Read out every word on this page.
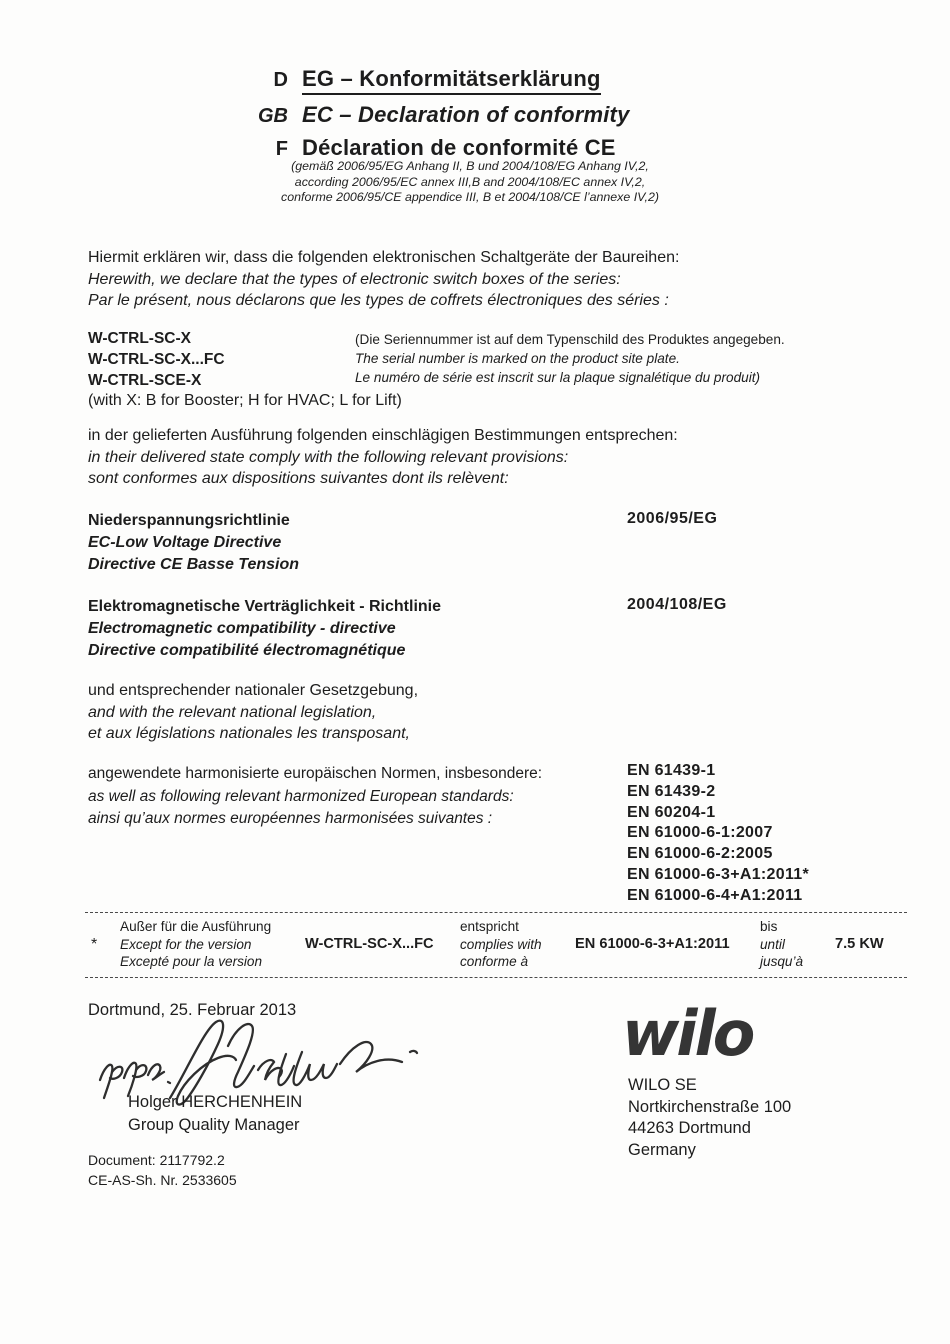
D EG – Konformitätserklärung
GB EC – Declaration of conformity
F Déclaration de conformité CE
(gemäß 2006/95/EG Anhang II, B und 2004/108/EG Anhang IV,2,
according 2006/95/EC annex III,B and 2004/108/EC annex IV,2,
conforme 2006/95/CE appendice III, B et 2004/108/CE l’annexe IV,2)
Hiermit erklären wir, dass die folgenden elektronischen Schaltgeräte der Baureihen:
Herewith, we declare that the types of electronic switch boxes of the series:
Par le présent, nous déclarons que les types de coffrets électroniques des séries :
W-CTRL-SC-X
W-CTRL-SC-X...FC
W-CTRL-SCE-X
(Die Seriennummer ist auf dem Typenschild des Produktes angegeben.
The serial number is marked on the product site plate.
Le numéro de série est inscrit sur la plaque signalétique du produit)
(with X: B for Booster; H for HVAC; L for Lift)
in der gelieferten Ausführung folgenden einschlägigen Bestimmungen entsprechen:
in their delivered state comply with the following relevant provisions:
sont conformes aux dispositions suivantes dont ils relèvent:
Niederspannungsrichtlinie
EC-Low Voltage Directive
Directive CE Basse Tension
2006/95/EG
Elektromagnetische Verträglichkeit - Richtlinie
Electromagnetic compatibility - directive
Directive compatibilité électromagnétique
2004/108/EG
und entsprechender nationaler Gesetzgebung,
and with the relevant national legislation,
et aux législations nationales les transposant,
angewendete harmonisierte europäischen Normen, insbesondere:
as well as following relevant harmonized European standards:
ainsi qu’aux normes européennes harmonisées suivantes :
EN 61439-1
EN 61439-2
EN 60204-1
EN 61000-6-1:2007
EN 61000-6-2:2005
EN 61000-6-3+A1:2011*
EN 61000-6-4+A1:2011
*
Außer für die Ausführung
Except for the version
Excepté pour la version
W-CTRL-SC-X...FC
entspricht
complies with
conforme à
EN 61000-6-3+A1:2011
bis
until
jusqu’à
7.5 KW
Dortmund, 25. Februar 2013
Holger HERCHENHEIN
Group Quality Manager
wilo
WILO SE
Nortkirchenstraße 100
44263 Dortmund
Germany
Document: 2117792.2
CE-AS-Sh. Nr. 2533605
